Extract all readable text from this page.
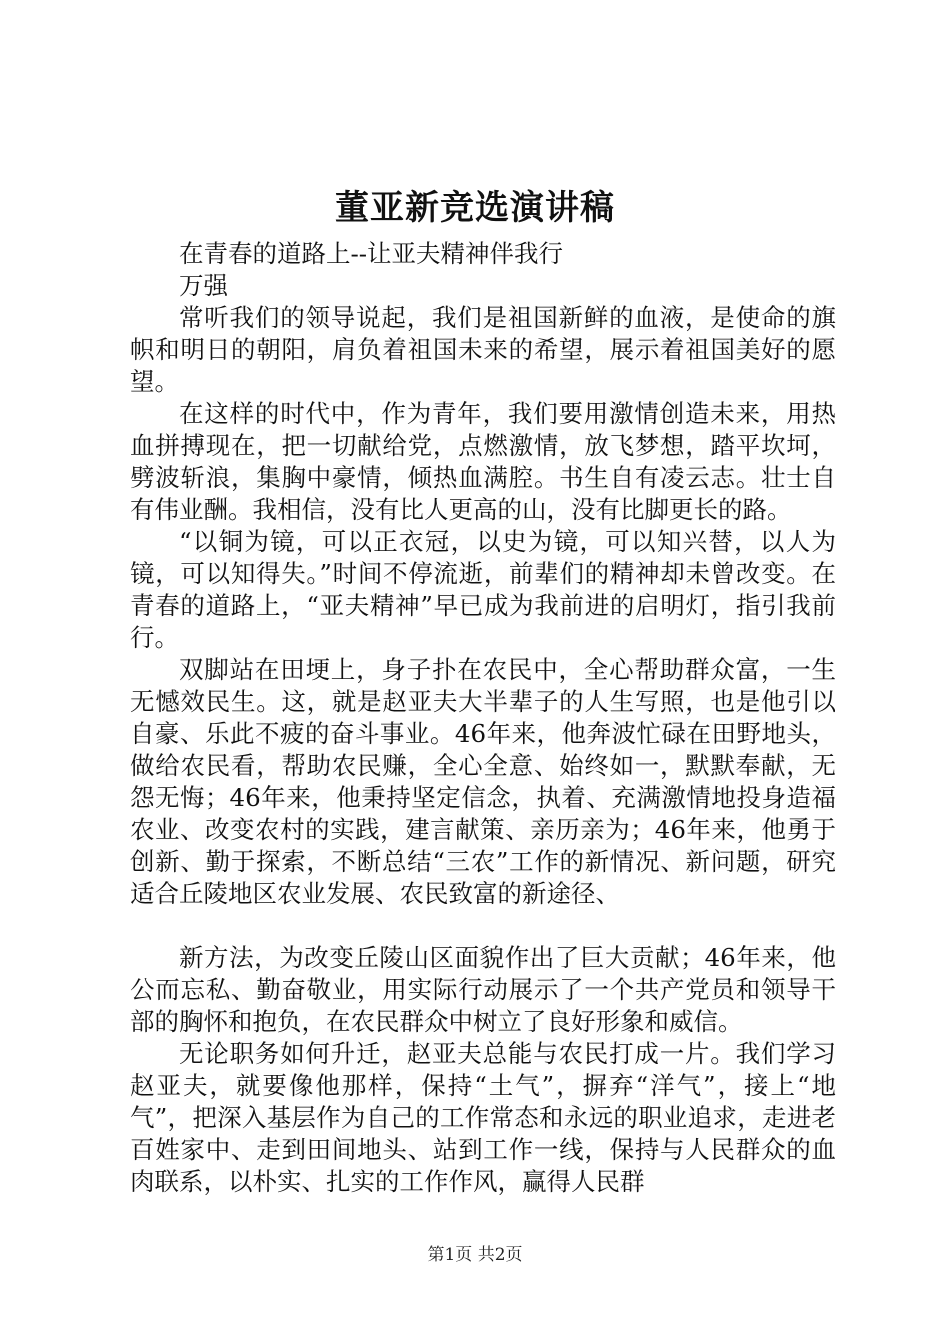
董亚新竞选演讲稿

在青春的道路上--让亚夫精神伴我行

万强

常听我们的领导说起，我们是祖国新鲜的血液，是使命的旗帜和明日的朝阳，肩负着祖国未来的希望，展示着祖国美好的愿望。

在这样的时代中，作为青年，我们要用激情创造未来，用热血拼搏现在，把一切献给党，点燃激情，放飞梦想，踏平坎坷，劈波斩浪，集胸中豪情，倾热血满腔。书生自有凌云志。壮士自有伟业酬。我相信，没有比人更高的山，没有比脚更长的路。

“以铜为镜，可以正衣冠，以史为镜，可以知兴替，以人为镜，可以知得失。”时间不停流逝，前辈们的精神却未曾改变。在青春的道路上，“亚夫精神”早已成为我前进的启明灯，指引我前行。

双脚站在田埂上，身子扑在农民中，全心帮助群众富，一生无憾效民生。这，就是赵亚夫大半辈子的人生写照，也是他引以自豪、乐此不疲的奋斗事业。46年来，他奔波忙碌在田野地头，做给农民看，帮助农民赚，全心全意、始终如一，默默奉献，无怨无悔；46年来，他秉持坚定信念，执着、充满激情地投身造福农业、改变农村的实践，建言献策、亲历亲为；46年来，他勇于创新、勤于探索，不断总结“三农”工作的新情况、新问题，研究适合丘陵地区农业发展、农民致富的新途径、

新方法，为改变丘陵山区面貌作出了巨大贡献；46年来，他公而忘私、勤奋敬业，用实际行动展示了一个共产党员和领导干部的胸怀和抱负，在农民群众中树立了良好形象和威信。

无论职务如何升迁，赵亚夫总能与农民打成一片。我们学习赵亚夫，就要像他那样，保持“土气”，摒弃“洋气”，接上“地气”，把深入基层作为自己的工作常态和永远的职业追求，走进老百姓家中、走到田间地头、站到工作一线，保持与人民群众的血肉联系，以朴实、扎实的工作作风，赢得人民群

第1页 共2页
